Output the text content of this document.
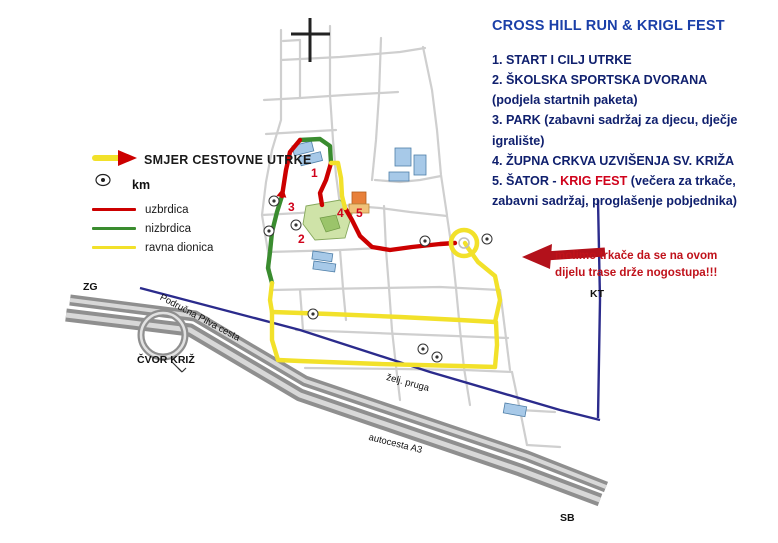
SMJER CESTOVNE UTRKE
km
uzbrdica
nizbrdica
ravna dionica
1
3	4 5
2
ZG
KT
SB
ČVOR KRIŽ
Područna Pilva cesta
želj. pruga
autocesta A3
CROSS HILL RUN & KRIGL FEST
1. START I CILJ UTRKE
2. ŠKOLSKA SPORTSKA DVORANA
(podjela startnih paketa)
3. PARK (zabavni sadržaj za djecu, dječje
igralište)
4. ŽUPNA CRKVA UZVIŠENJA SV. KRIŽA
5. ŠATOR - KRIG FEST (večera za trkače,
zabavni sadržaj, proglašenje pobjednika)
molimo trkače da se na ovom
dijelu trase drže nogostupa!!!
